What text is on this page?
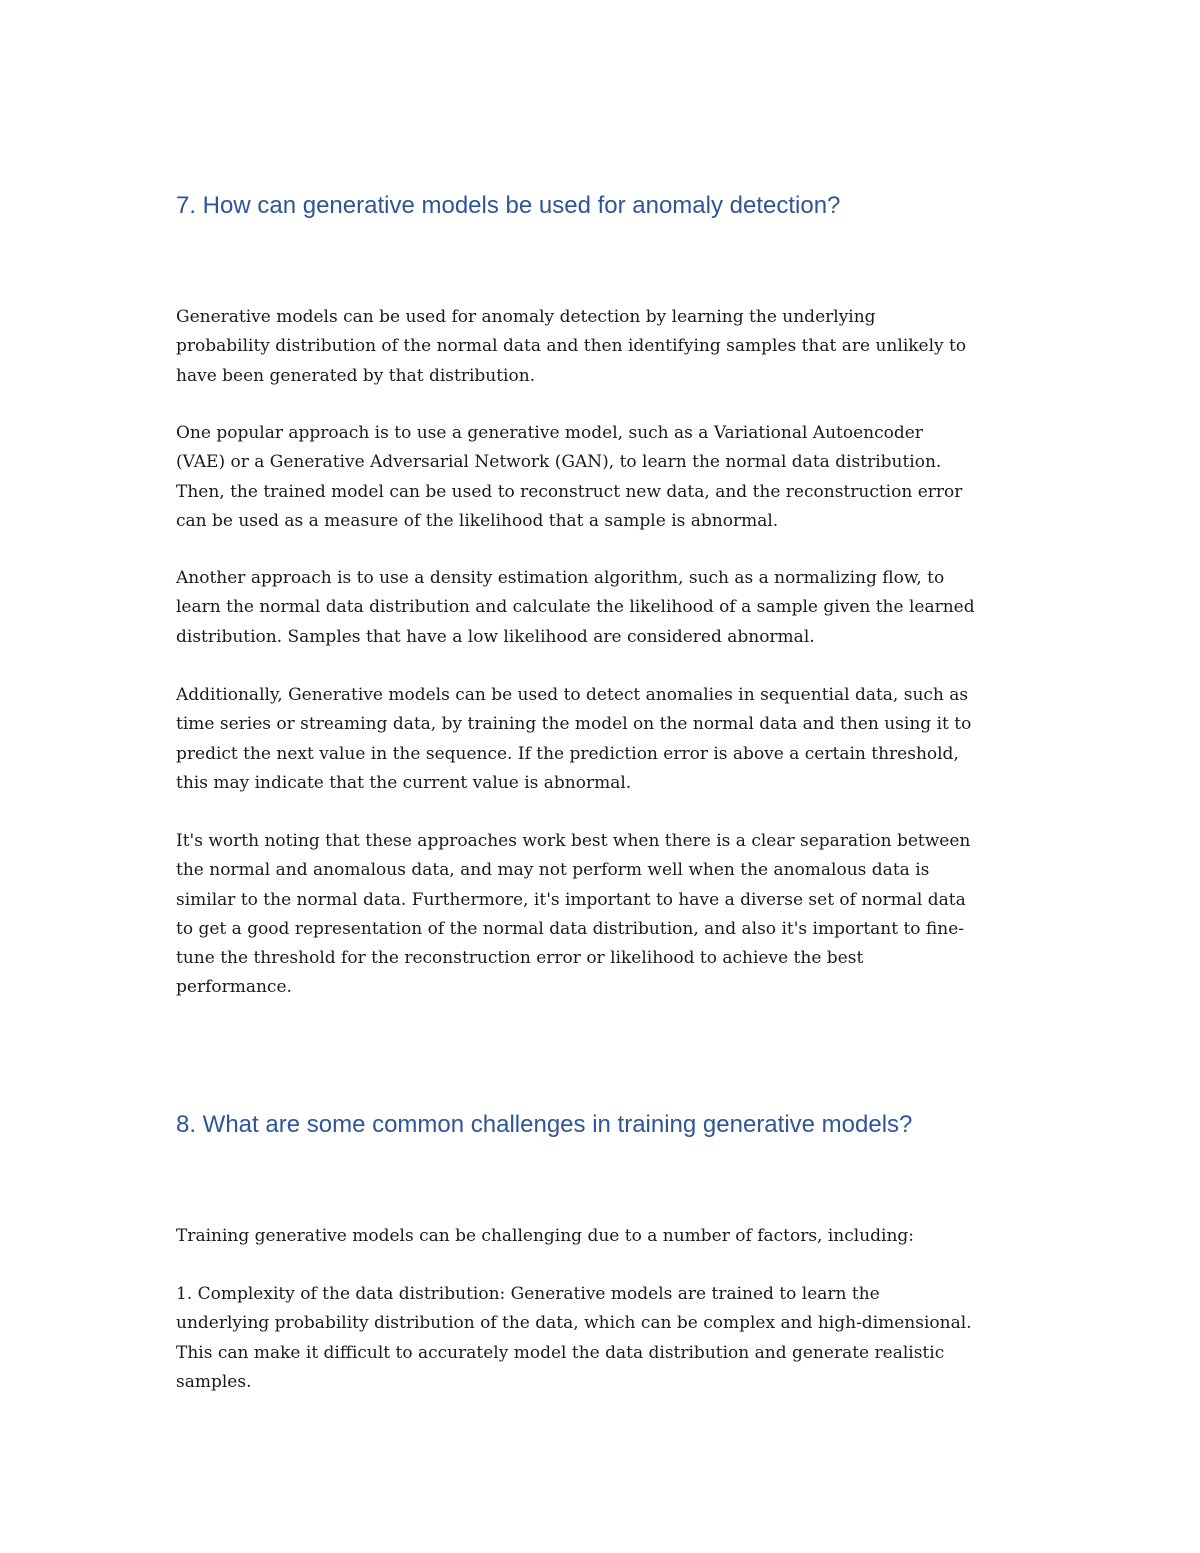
7. How can generative models be used for anomaly detection?

Generative models can be used for anomaly detection by learning the underlying
probability distribution of the normal data and then identifying samples that are unlikely to
have been generated by that distribution.

One popular approach is to use a generative model, such as a Variational Autoencoder
(VAE) or a Generative Adversarial Network (GAN), to learn the normal data distribution.
Then, the trained model can be used to reconstruct new data, and the reconstruction error
can be used as a measure of the likelihood that a sample is abnormal.

Another approach is to use a density estimation algorithm, such as a normalizing flow, to
learn the normal data distribution and calculate the likelihood of a sample given the learned
distribution. Samples that have a low likelihood are considered abnormal.

Additionally, Generative models can be used to detect anomalies in sequential data, such as
time series or streaming data, by training the model on the normal data and then using it to
predict the next value in the sequence. If the prediction error is above a certain threshold,
this may indicate that the current value is abnormal.

It's worth noting that these approaches work best when there is a clear separation between
the normal and anomalous data, and may not perform well when the anomalous data is
similar to the normal data. Furthermore, it's important to have a diverse set of normal data
to get a good representation of the normal data distribution, and also it's important to fine-
tune the threshold for the reconstruction error or likelihood to achieve the best
performance.

8. What are some common challenges in training generative models?

Training generative models can be challenging due to a number of factors, including:

1. Complexity of the data distribution: Generative models are trained to learn the
underlying probability distribution of the data, which can be complex and high-dimensional.
This can make it difficult to accurately model the data distribution and generate realistic
samples.
